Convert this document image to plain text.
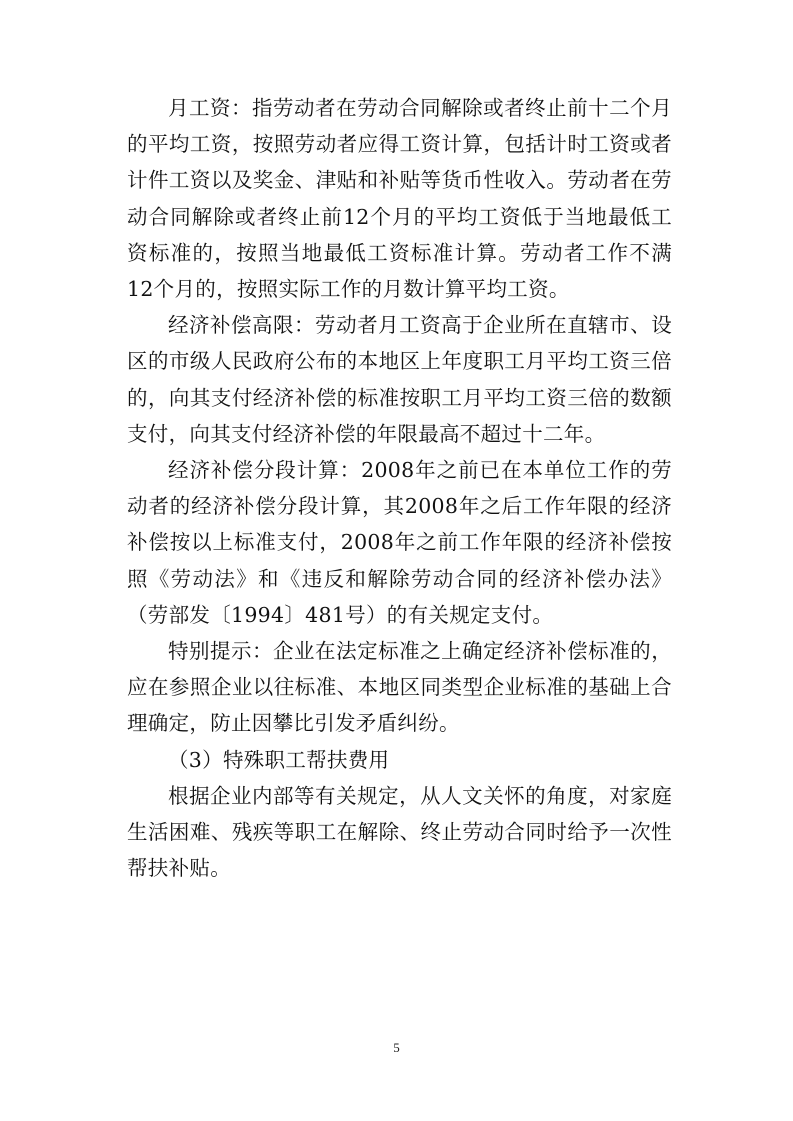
月工资：指劳动者在劳动合同解除或者终止前十二个月的平均工资，按照劳动者应得工资计算，包括计时工资或者计件工资以及奖金、津贴和补贴等货币性收入。劳动者在劳动合同解除或者终止前12个月的平均工资低于当地最低工资标准的，按照当地最低工资标准计算。劳动者工作不满12个月的，按照实际工作的月数计算平均工资。

经济补偿高限：劳动者月工资高于企业所在直辖市、设区的市级人民政府公布的本地区上年度职工月平均工资三倍的，向其支付经济补偿的标准按职工月平均工资三倍的数额支付，向其支付经济补偿的年限最高不超过十二年。

经济补偿分段计算：2008年之前已在本单位工作的劳动者的经济补偿分段计算，其2008年之后工作年限的经济补偿按以上标准支付，2008年之前工作年限的经济补偿按照《劳动法》和《违反和解除劳动合同的经济补偿办法》（劳部发〔1994〕481号）的有关规定支付。

特别提示：企业在法定标准之上确定经济补偿标准的，应在参照企业以往标准、本地区同类型企业标准的基础上合理确定，防止因攀比引发矛盾纠纷。

（3）特殊职工帮扶费用

根据企业内部等有关规定，从人文关怀的角度，对家庭生活困难、残疾等职工在解除、终止劳动合同时给予一次性帮扶补贴。

5
